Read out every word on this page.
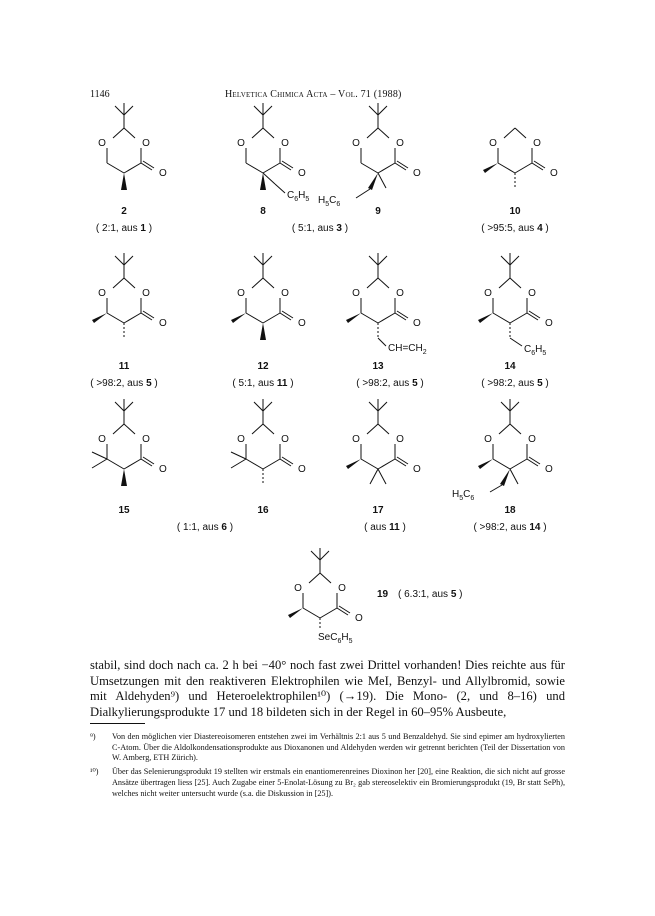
1146	Helvetica Chimica Acta – Vol. 71 (1988)
O	O
O
O	O
O
$C_6H_5$
O	O
O
$H_5C_6$
O	O
O
2
( 2:1, aus 1 )
8
( 5:1, aus 3 )
9	10
( >95:5, aus 4 )
O	O
O
O	O
O
O	O
O
$CH=CH_2$
O	O
O
$C_6H_5$
11
( >98:2, aus 5 )
12
( 5:1, aus 11 )
13
( >98:2, aus 5 )
14
( >98:2, aus 5 )
O	O
O
O	O
O
O	O
O
O	O
O
$H_5C_6$
15
( 1:1, aus 6 )
16	17
( aus 11 )
18
( >98:2, aus 14 )
O	O
O
$SeC_6H_5$
19 ( 6.3:1, aus 5 )

stabil, sind doch nach ca. 2 h bei −40° noch fast zwei Drittel vorhanden! Dies reichte aus für Umsetzungen mit den reaktiveren Elektrophilen wie MeI, Benzyl- und Allylbromid, sowie mit Aldehyden⁹) und Heteroelektrophilen¹⁰) (→19). Die Mono- (2, und 8–16) und Dialkylierungsprodukte 17 und 18 bildeten sich in der Regel in 60–95% Ausbeute,

⁹) Von den möglichen vier Diastereoisomeren entstehen zwei im Verhältnis 2:1 aus 5 und Benzaldehyd. Sie sind epimer am hydroxylierten C-Atom. Über die Aldolkondensationsprodukte aus Dioxanonen und Aldehyden werden wir getrennt berichten (Teil der Dissertation von W. Amberg, ETH Zürich).
¹⁰) Über das Selenierungsprodukt 19 stellten wir erstmals ein enantiomerenreines Dioxinon her [20], eine Reaktion, die sich nicht auf grosse Ansätze übertragen liess [25]. Auch Zugabe einer 5-Enolat-Lösung zu Br₂ gab stereoselektiv ein Bromierungsprodukt (19, Br statt SePh), welches nicht weiter untersucht wurde (s.a. die Diskussion in [25]).
